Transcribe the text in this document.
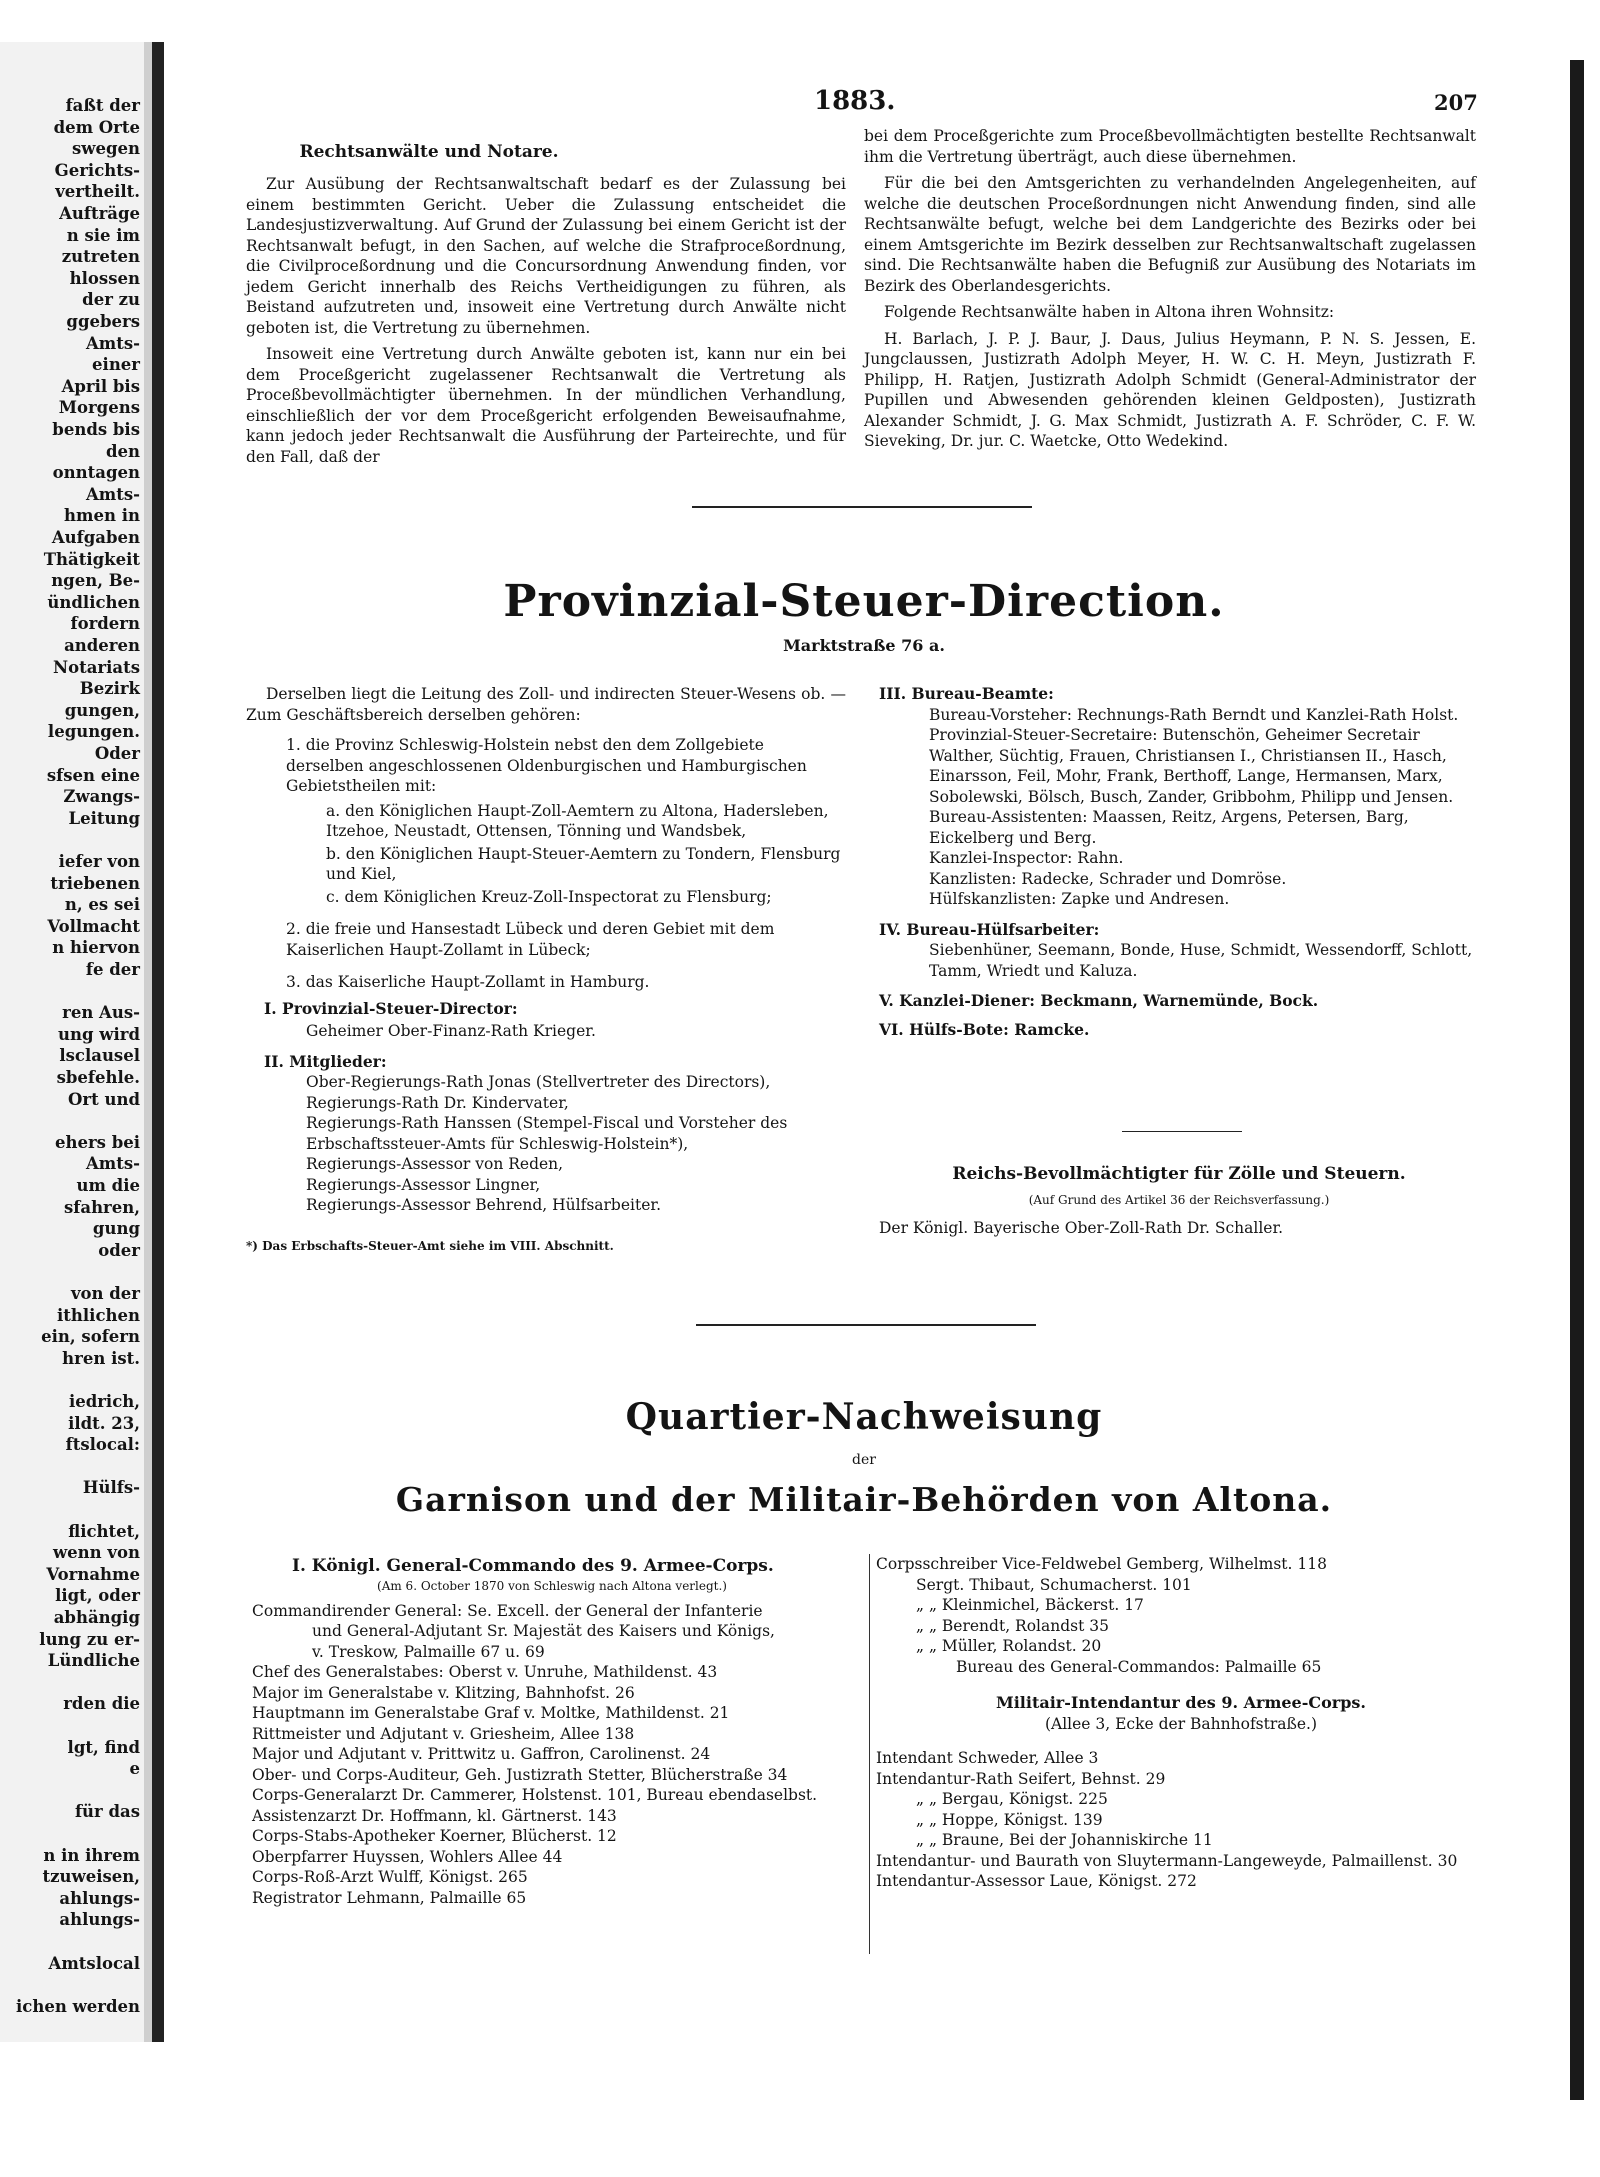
faßt der
dem Orte
swegen
Gerichts-
vertheilt.
Aufträge
n sie im
zutreten
hlossen
der zu
ggebers
Amts-
einer
April bis
Morgens
bends bis
den
onntagen
Amts-
hmen in
Aufgaben
Thätigkeit
ngen, Be-
ündlichen
fordern
anderen
Notariats
Bezirk
gungen,
legungen.
Oder
sfsen eine
Zwangs-
Leitung
iefer von
triebenen
n, es sei
Vollmacht
n hiervon
fe der
ren Aus-
ung wird
lsclausel
sbefehle.
Ort und
ehers bei
Amts-
um die
sfahren,
gung
oder
von der
ithlichen
ein, sofern
hren ist.
iedrich,
ildt. 23,
ftslocal:
Hülfs-
flichtet,
wenn von
Vornahme
ligt, oder
abhängig
lung zu er-
Lündliche
rden die
lgt, find
e
für das
n in ihrem
tzuweisen,
ahlungs-
ahlungs-
Amtslocal
ichen werden
1883.	207
Rechtsanwälte und Notare.

Zur Ausübung der Rechtsanwaltschaft bedarf es der Zulassung bei einem bestimmten Gericht. Ueber die Zulassung entscheidet die Landesjustizverwaltung. Auf Grund der Zulassung bei einem Gericht ist der Rechtsanwalt befugt, in den Sachen, auf welche die Strafproceßordnung, die Civilproceßordnung und die Concursordnung Anwendung finden, vor jedem Gericht innerhalb des Reichs Vertheidigungen zu führen, als Beistand aufzutreten und, insoweit eine Vertretung durch Anwälte nicht geboten ist, die Vertretung zu übernehmen.

Insoweit eine Vertretung durch Anwälte geboten ist, kann nur ein bei dem Proceßgericht zugelassener Rechtsanwalt die Vertretung als Proceßbevollmächtigter übernehmen. In der mündlichen Verhandlung, einschließlich der vor dem Proceßgericht erfolgenden Beweisaufnahme, kann jedoch jeder Rechtsanwalt die Ausführung der Parteirechte, und für den Fall, daß der

bei dem Proceßgerichte zum Proceßbevollmächtigten bestellte Rechtsanwalt ihm die Vertretung überträgt, auch diese übernehmen.

Für die bei den Amtsgerichten zu verhandelnden Angelegenheiten, auf welche die deutschen Proceßordnungen nicht Anwendung finden, sind alle Rechtsanwälte befugt, welche bei dem Landgerichte des Bezirks oder bei einem Amtsgerichte im Bezirk desselben zur Rechtsanwaltschaft zugelassen sind. Die Rechtsanwälte haben die Befugniß zur Ausübung des Notariats im Bezirk des Oberlandesgerichts.

Folgende Rechtsanwälte haben in Altona ihren Wohnsitz:

H. Barlach, J. P. J. Baur, J. Daus, Julius Heymann, P. N. S. Jessen, E. Jungclaussen, Justizrath Adolph Meyer, H. W. C. H. Meyn, Justizrath F. Philipp, H. Ratjen, Justizrath Adolph Schmidt (General-Administrator der Pupillen und Abwesenden gehörenden kleinen Geldposten), Justizrath Alexander Schmidt, J. G. Max Schmidt, Justizrath A. F. Schröder, C. F. W. Sieveking, Dr. jur. C. Waetcke, Otto Wedekind.

Provinzial-Steuer-Direction.
Marktstraße 76 a.

Derselben liegt die Leitung des Zoll- und indirecten Steuer-Wesens ob. — Zum Geschäftsbereich derselben gehören:

1. die Provinz Schleswig-Holstein nebst den dem Zollgebiete derselben angeschlossenen Oldenburgischen und Hamburgischen Gebietstheilen mit:
a. den Königlichen Haupt-Zoll-Aemtern zu Altona, Hadersleben, Itzehoe, Neustadt, Ottensen, Tönning und Wandsbek,
b. den Königlichen Haupt-Steuer-Aemtern zu Tondern, Flensburg und Kiel,
c. dem Königlichen Kreuz-Zoll-Inspectorat zu Flensburg;
2. die freie und Hansestadt Lübeck und deren Gebiet mit dem Kaiserlichen Haupt-Zollamt in Lübeck;
3. das Kaiserliche Haupt-Zollamt in Hamburg.
I. Provinzial-Steuer-Director:
Geheimer Ober-Finanz-Rath Krieger.
II. Mitglieder:
Ober-Regierungs-Rath Jonas (Stellvertreter des Directors),
Regierungs-Rath Dr. Kindervater,
Regierungs-Rath Hanssen (Stempel-Fiscal und Vorsteher des Erbschaftssteuer-Amts für Schleswig-Holstein*),
Regierungs-Assessor von Reden,
Regierungs-Assessor Lingner,
Regierungs-Assessor Behrend, Hülfsarbeiter.
*) Das Erbschafts-Steuer-Amt siehe im VIII. Abschnitt.
III. Bureau-Beamte:
Bureau-Vorsteher: Rechnungs-Rath Berndt und Kanzlei-Rath Holst.
Provinzial-Steuer-Secretaire: Butenschön, Geheimer Secretair Walther, Süchtig, Frauen, Christiansen I., Christiansen II., Hasch, Einarsson, Feil, Mohr, Frank, Berthoff, Lange, Hermansen, Marx, Sobolewski, Bölsch, Busch, Zander, Gribbohm, Philipp und Jensen.
Bureau-Assistenten: Maassen, Reitz, Argens, Petersen, Barg, Eickelberg und Berg.
Kanzlei-Inspector: Rahn.
Kanzlisten: Radecke, Schrader und Domröse.
Hülfskanzlisten: Zapke und Andresen.
IV. Bureau-Hülfsarbeiter:
Siebenhüner, Seemann, Bonde, Huse, Schmidt, Wessendorff, Schlott, Tamm, Wriedt und Kaluza.
V. Kanzlei-Diener: Beckmann, Warnemünde, Bock.
VI. Hülfs-Bote: Ramcke.
Reichs-Bevollmächtigter für Zölle und Steuern.
(Auf Grund des Artikel 36 der Reichsverfassung.)
Der Königl. Bayerische Ober-Zoll-Rath Dr. Schaller.
Quartier-Nachweisung
der
Garnison und der Militair-Behörden von Altona.
I. Königl. General-Commando des 9. Armee-Corps.
(Am 6. October 1870 von Schleswig nach Altona verlegt.)
Commandirender General: Se. Excell. der General der Infanterie
und General-Adjutant Sr. Majestät des Kaisers und Königs,
v. Treskow, Palmaille 67 u. 69
Chef des Generalstabes: Oberst v. Unruhe, Mathildenst. 43
Major im Generalstabe v. Klitzing, Bahnhofst. 26
Hauptmann im Generalstabe Graf v. Moltke, Mathildenst. 21
Rittmeister und Adjutant v. Griesheim, Allee 138
Major und Adjutant v. Prittwitz u. Gaffron, Carolinenst. 24
Ober- und Corps-Auditeur, Geh. Justizrath Stetter, Blücherstraße 34
Corps-Generalarzt Dr. Cammerer, Holstenst. 101, Bureau ebendaselbst.
Assistenzarzt Dr. Hoffmann, kl. Gärtnerst. 143
Corps-Stabs-Apotheker Koerner, Blücherst. 12
Oberpfarrer Huyssen, Wohlers Allee 44
Corps-Roß-Arzt Wulff, Königst. 265
Registrator Lehmann, Palmaille 65
Corpsschreiber Vice-Feldwebel Gemberg, Wilhelmst. 118
Sergt. Thibaut, Schumacherst. 101
„ „ Kleinmichel, Bäckerst. 17
„ „ Berendt, Rolandst 35
„ „ Müller, Rolandst. 20
Bureau des General-Commandos: Palmaille 65
Militair-Intendantur des 9. Armee-Corps.
(Allee 3, Ecke der Bahnhofstraße.)
Intendant Schweder, Allee 3
Intendantur-Rath Seifert, Behnst. 29
„ „ Bergau, Königst. 225
„ „ Hoppe, Königst. 139
„ „ Braune, Bei der Johanniskirche 11
Intendantur- und Baurath von Sluytermann-Langeweyde, Palmaillenst. 30
Intendantur-Assessor Laue, Königst. 272
